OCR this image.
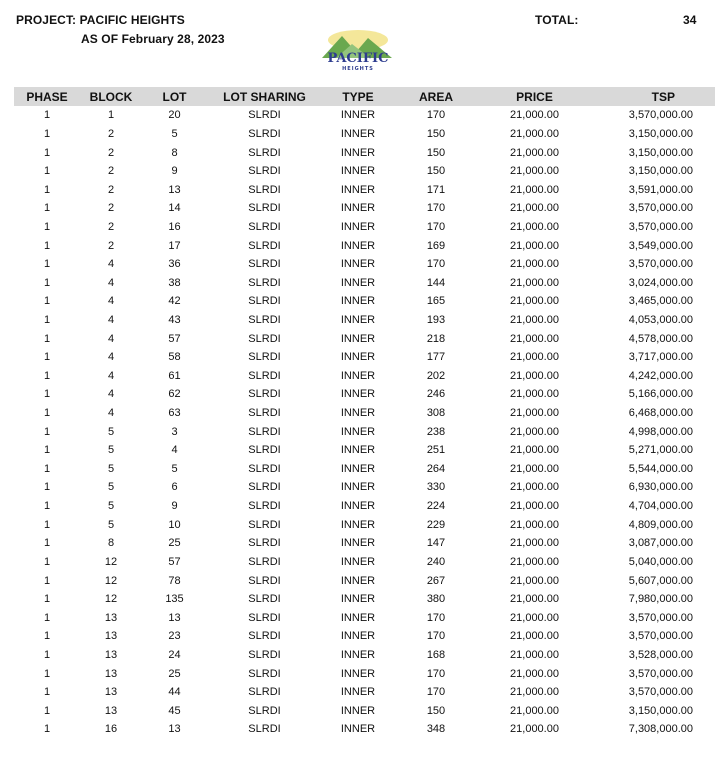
PROJECT: PACIFIC HEIGHTS
AS OF February 28, 2023
TOTAL:	34
PACIFIC
HEIGHTS
PHASE	BLOCK	LOT	LOT SHARING	TYPE	AREA	PRICE	TSP
1	1	20	SLRDI	INNER	170	21,000.00	3,570,000.00
1	2	5	SLRDI	INNER	150	21,000.00	3,150,000.00
1	2	8	SLRDI	INNER	150	21,000.00	3,150,000.00
1	2	9	SLRDI	INNER	150	21,000.00	3,150,000.00
1	2	13	SLRDI	INNER	171	21,000.00	3,591,000.00
1	2	14	SLRDI	INNER	170	21,000.00	3,570,000.00
1	2	16	SLRDI	INNER	170	21,000.00	3,570,000.00
1	2	17	SLRDI	INNER	169	21,000.00	3,549,000.00
1	4	36	SLRDI	INNER	170	21,000.00	3,570,000.00
1	4	38	SLRDI	INNER	144	21,000.00	3,024,000.00
1	4	42	SLRDI	INNER	165	21,000.00	3,465,000.00
1	4	43	SLRDI	INNER	193	21,000.00	4,053,000.00
1	4	57	SLRDI	INNER	218	21,000.00	4,578,000.00
1	4	58	SLRDI	INNER	177	21,000.00	3,717,000.00
1	4	61	SLRDI	INNER	202	21,000.00	4,242,000.00
1	4	62	SLRDI	INNER	246	21,000.00	5,166,000.00
1	4	63	SLRDI	INNER	308	21,000.00	6,468,000.00
1	5	3	SLRDI	INNER	238	21,000.00	4,998,000.00
1	5	4	SLRDI	INNER	251	21,000.00	5,271,000.00
1	5	5	SLRDI	INNER	264	21,000.00	5,544,000.00
1	5	6	SLRDI	INNER	330	21,000.00	6,930,000.00
1	5	9	SLRDI	INNER	224	21,000.00	4,704,000.00
1	5	10	SLRDI	INNER	229	21,000.00	4,809,000.00
1	8	25	SLRDI	INNER	147	21,000.00	3,087,000.00
1	12	57	SLRDI	INNER	240	21,000.00	5,040,000.00
1	12	78	SLRDI	INNER	267	21,000.00	5,607,000.00
1	12	135	SLRDI	INNER	380	21,000.00	7,980,000.00
1	13	13	SLRDI	INNER	170	21,000.00	3,570,000.00
1	13	23	SLRDI	INNER	170	21,000.00	3,570,000.00
1	13	24	SLRDI	INNER	168	21,000.00	3,528,000.00
1	13	25	SLRDI	INNER	170	21,000.00	3,570,000.00
1	13	44	SLRDI	INNER	170	21,000.00	3,570,000.00
1	13	45	SLRDI	INNER	150	21,000.00	3,150,000.00
1	16	13	SLRDI	INNER	348	21,000.00	7,308,000.00
